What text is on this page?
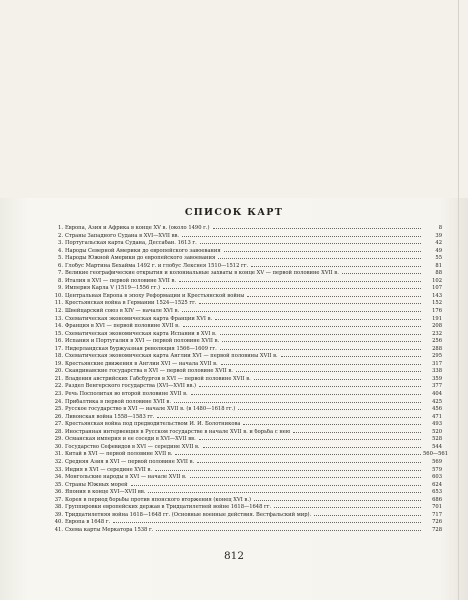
СПИСОК КАРТ
1. Европа, Азия и Африка в конце XV в. (около 1490 г.)	8
2. Страны Западного Судана в XVI—XVII вв.	39
3. Португальская карта Судана, Дессабан. 1613 г.	42
4. Народы Северной Америки до европейского завоевания	49
5. Народы Южной Америки до европейского завоевания	55
6. Глобус Мартина Бехайма 1492 г. и глобус Лекснея 1510—1512 гг.	81
7. Великие географические открытия и колониальные захваты в конце XV — первой половине XVII в.	88
8. Италия в XVI — первой половине XVII в.	102
9. Империя Карла V (1519—1556 гг.)	107
10. Центральная Европа в эпоху Реформации и Крестьянской войны	143
11. Крестьянская война в Германии 1524—1525 гг.	152
12. Швейцарский союз в XIV — начале XVI в.	176
13. Схематическая экономическая карта Франции XVI в.	191
14. Франция в XVI — первой половине XVII в.	208
15. Схематическая экономическая карта Испании в XVI в.	232
16. Испания и Португалия в XVI — первой половине XVII в.	256
17. Нидерландская буржуазная революция 1566—1609 гг.	288
18. Схематическая экономическая карта Англии XVI — первой половины XVII в.	295
19. Крестьянские движения в Англии XVI — начала XVII в.	317
20. Скандинавские государства в XVI — первой половине XVII в.	338
21. Владения австрийских Габсбургов в XVI — первой половине XVII в.	359
22. Раздел Венгерского государства (XVI—XVII вв.)	377
23. Речь Посполитая во второй половине XVII в.	404
24. Прибалтика в первой половине XVII в.	425
25. Русское государство в XVI — начале XVII в. (в 1480—1618 гг.)	456
26. Ливонская война 1558—1583 гг.	471
27. Крестьянская война под предводительством И. И. Болотникова	493
28. Иностранная интервенция в Русском государстве в начале XVII в. и борьба с нею	520
29. Османская империя и ее соседи в XVI—XVII вв.	528
30. Государство Сефевидов в XVI — середине XVII в.	544
31. Китай в XVI — первой половине XVII в.	560—561
32. Средняя Азия в XVI — первой половине XVII в.	569
33. Индия в XVI — середине XVII в.	579
34. Монгольские народы в XVI — начале XVII в.	603
35. Страны Южных морей	624
36. Япония в конце XVI—XVII вв.	653
37. Корея в период борьбы против японского вторжения (конец XVI в.)	686
38. Группировки европейских держав в Тридцатилетней войне 1618—1648 гг.	701
39. Тридцатилетняя война 1618—1648 гг. (Основные военные действия. Вестфальский мир).	717
40. Европа в 1648 г.	726
41. Схема карты Меркатора 1538 г.	728
812
